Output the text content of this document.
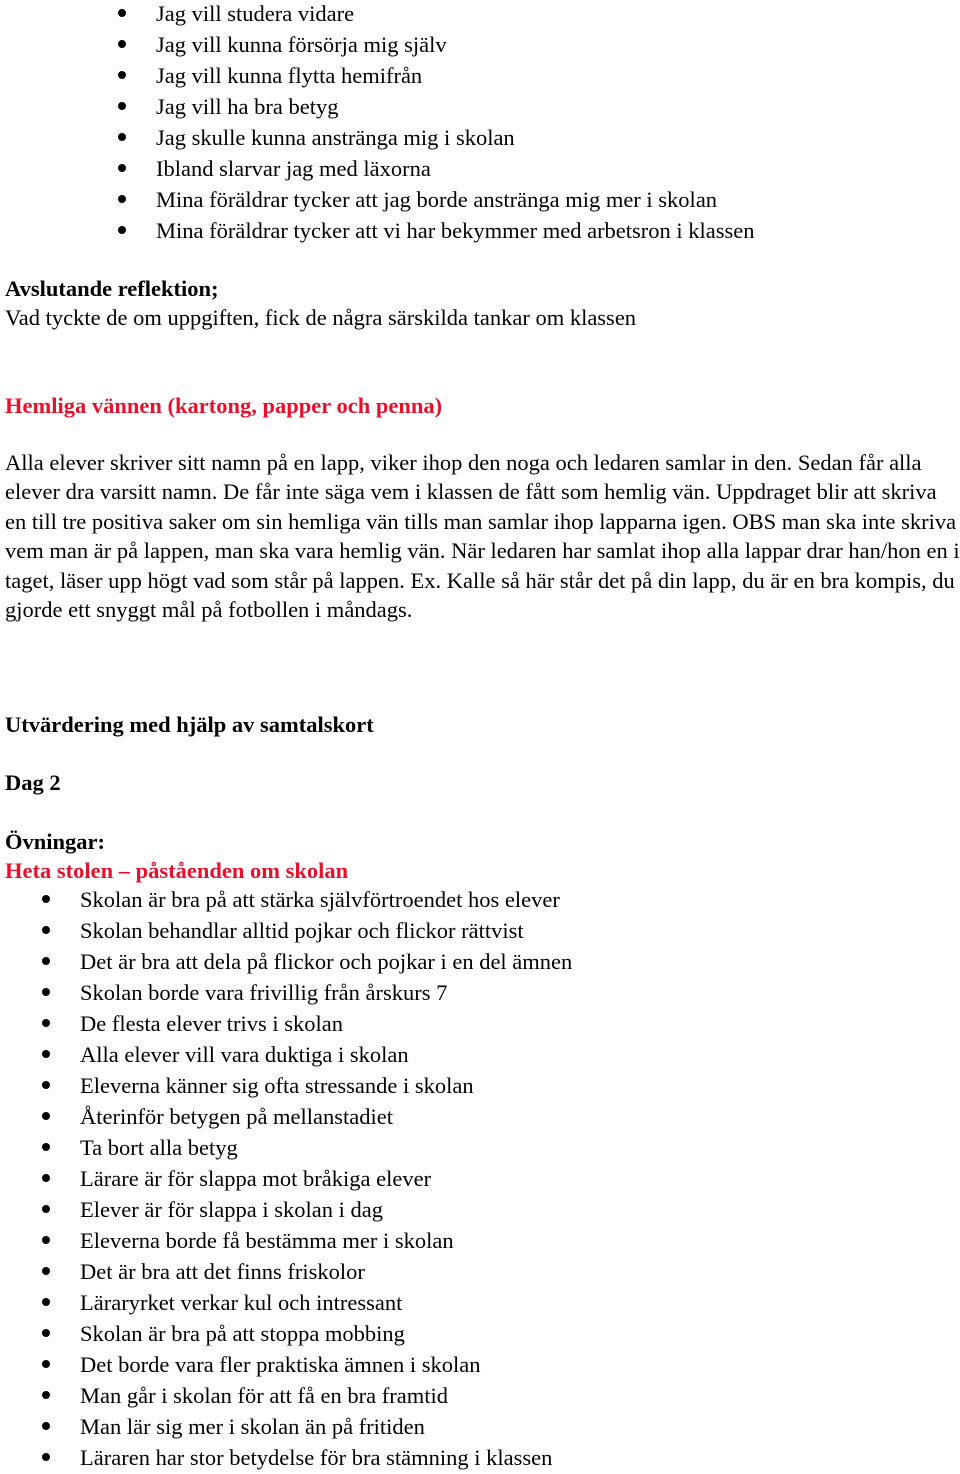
Jag vill studera vidare
Jag vill kunna försörja mig själv
Jag vill kunna flytta hemifrån
Jag vill ha bra betyg
Jag skulle kunna anstränga mig i skolan
Ibland slarvar jag med läxorna
Mina föräldrar tycker att jag borde anstränga mig mer i skolan
Mina föräldrar tycker att vi har bekymmer med arbetsron i klassen
Avslutande reflektion;
Vad tyckte de om uppgiften, fick de några särskilda tankar om klassen
Hemliga vännen (kartong, papper och penna)
Alla elever skriver sitt namn på en lapp, viker ihop den noga och ledaren samlar in den. Sedan får alla elever dra varsitt namn. De får inte säga vem i klassen de fått som hemlig vän. Uppdraget blir att skriva en till tre positiva saker om sin hemliga vän tills man samlar ihop lapparna igen. OBS man ska inte skriva vem man är på lappen, man ska vara hemlig vän. När ledaren har samlat ihop alla lappar drar han/hon en i taget, läser upp högt vad som står på lappen. Ex. Kalle så här står det på din lapp, du är en bra kompis, du gjorde ett snyggt mål på fotbollen i måndags.
Utvärdering med hjälp av samtalskort
Dag 2
Övningar:
Heta stolen – påståenden om skolan
Skolan är bra på att stärka självförtroendet hos elever
Skolan behandlar alltid pojkar och flickor rättvist
Det är bra att dela på flickor och pojkar i en del ämnen
Skolan borde vara frivillig från årskurs 7
De flesta elever trivs i skolan
Alla elever vill vara duktiga i skolan
Eleverna känner sig ofta stressande i skolan
Återinför betygen på mellanstadiet
Ta bort alla betyg
Lärare är för slappa mot bråkiga elever
Elever är för slappa i skolan i dag
Eleverna borde få bestämma mer i skolan
Det är bra att det finns friskolor
Läraryrket verkar kul och intressant
Skolan är bra på att stoppa mobbing
Det borde vara fler praktiska ämnen i skolan
Man går i skolan för att få en bra framtid
Man lär sig mer i skolan än på fritiden
Läraren har stor betydelse för bra stämning i klassen
